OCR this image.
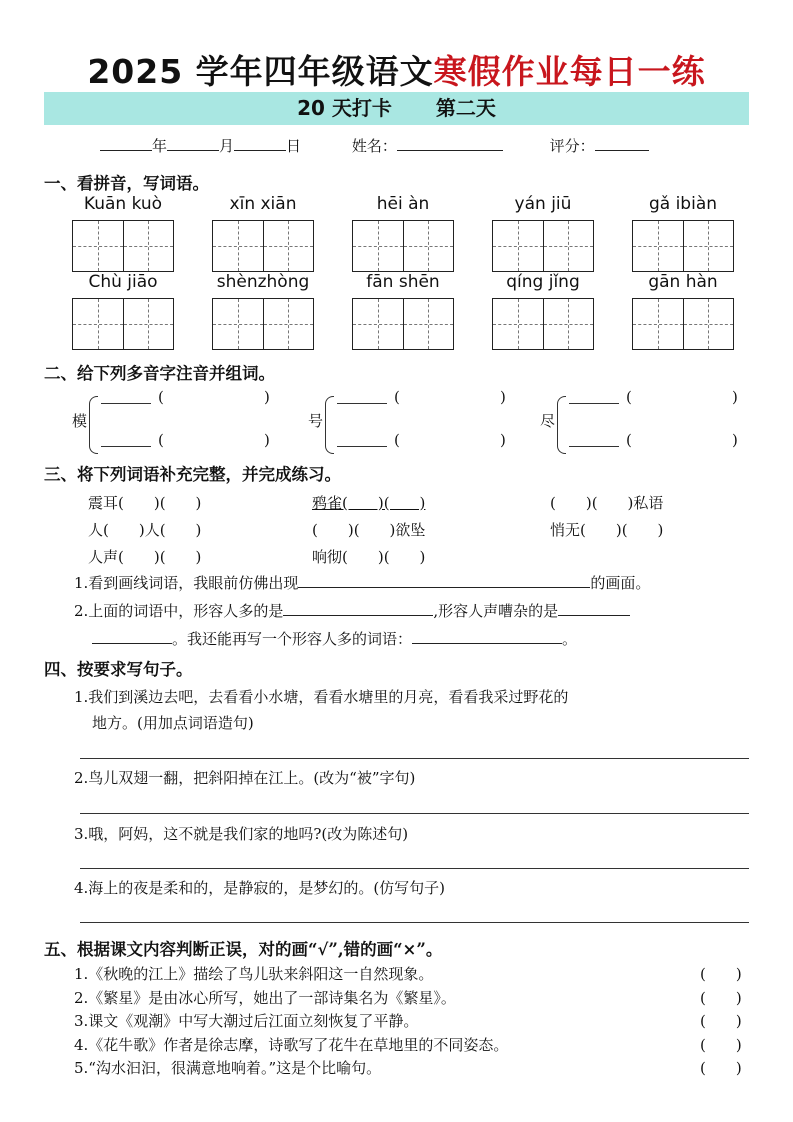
2025 学年四年级语文寒假作业每日一练
20 天打卡 第二天
年	月	日	姓名：	评分：
一、看拼音，写词语。
Kuān kuò	xīn xiān	hēi àn	yán jiū	gǎ ibiàn
Chù jiāo	shènzhòng	fān shēn	qíng jǐng	gān hàn
二、给下列多音字注音并组词。
模
(	)
(	)
号
(	)
(	)
尽
(	)
(	)
三、将下列词语补充完整，并完成练习。
震耳(　　)(　　)	鸦雀(　　)(　　)	(　　)(　　)私语
人(　　)人(　　)	(　　)(　　)欲坠	悄无(　　)(　　)
人声(　　)(　　)	响彻(　　)(　　)
1.看到画线词语，我眼前仿佛出现	的画面。
2.上面的词语中，形容人多的是	,形容人声嘈杂的是
。我还能再写一个形容人多的词语：	。
四、按要求写句子。
1.我们到溪边去吧，去看看小水塘，看看水塘里的月亮，看看我采过野花的
地方。(用加点词语造句)
2.鸟儿双翅一翻，把斜阳掉在江上。(改为“被”字句)
3.哦，阿妈，这不就是我们家的地吗?(改为陈述句)
4.海上的夜是柔和的，是静寂的，是梦幻的。(仿写句子)
五、根据课文内容判断正误，对的画“√”,错的画“×”。
1.《秋晚的江上》描绘了鸟儿驮来斜阳这一自然现象。	(　　)
2.《繁星》是由冰心所写，她出了一部诗集名为《繁星》。	(　　)
3.课文《观潮》中写大潮过后江面立刻恢复了平静。	(　　)
4.《花牛歌》作者是徐志摩，诗歌写了花牛在草地里的不同姿态。	(　　)
5.“沟水汩汩，很满意地响着。”这是个比喻句。	(　　)
